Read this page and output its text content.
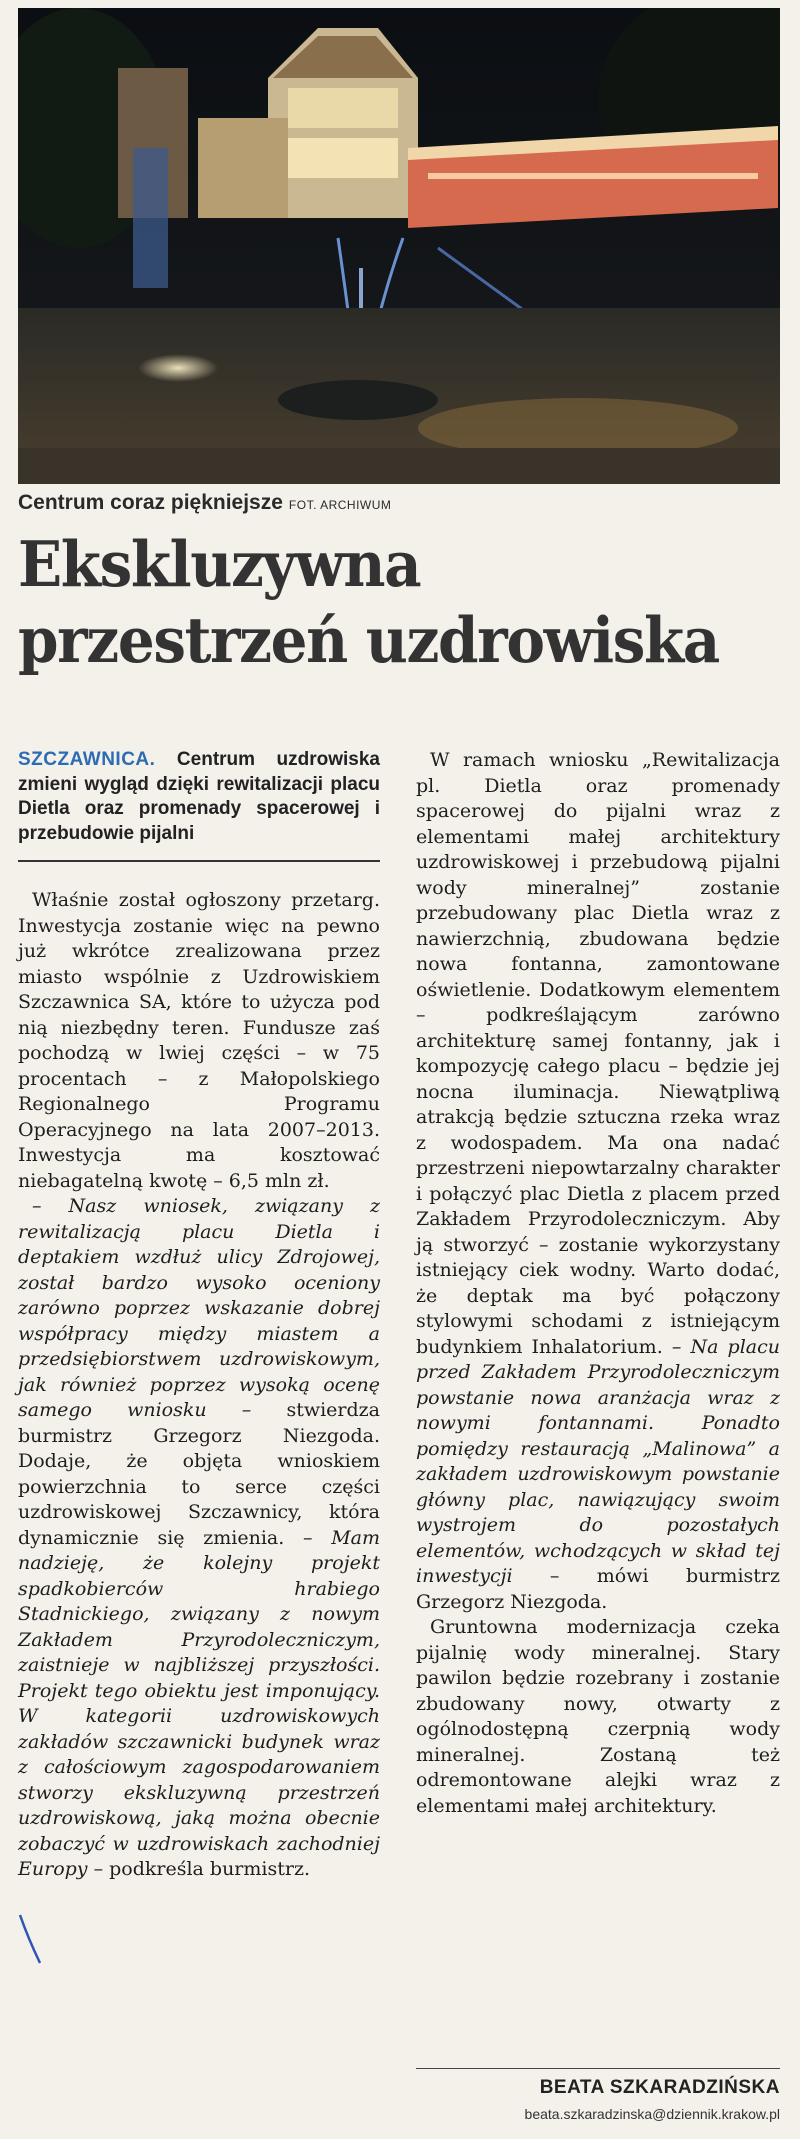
Centrum coraz piękniejsze FOT. ARCHIWUM
Ekskluzywna
przestrzeń uzdrowiska

SZCZAWNICA. Centrum uzdrowiska zmieni wygląd dzięki rewitalizacji placu Dietla oraz promenady spacerowej i przebudowie pijalni

Właśnie został ogłoszony przetarg. Inwestycja zostanie więc na pewno już wkrótce zrealizowana przez miasto wspólnie z Uzdrowiskiem Szczawnica SA, które to użycza pod nią niezbędny teren. Fundusze zaś pochodzą w lwiej części – w 75 procentach – z Małopolskiego Regionalnego Programu Operacyjnego na lata 2007–2013. Inwestycja ma kosztować niebagatelną kwotę – 6,5 mln zł.

– Nasz wniosek, związany z rewitalizacją placu Dietla i deptakiem wzdłuż ulicy Zdrojowej, został bardzo wysoko oceniony zarówno poprzez wskazanie dobrej współpracy między miastem a przedsiębiorstwem uzdrowiskowym, jak również poprzez wysoką ocenę samego wniosku – stwierdza burmistrz Grzegorz Niezgoda. Dodaje, że objęta wnioskiem powierzchnia to serce części uzdrowiskowej Szczawnicy, która dynamicznie się zmienia. – Mam nadzieję, że kolejny projekt spadkobierców hrabiego Stadnickiego, związany z nowym Zakładem Przyrodoleczniczym, zaistnieje w najbliższej przyszłości. Projekt tego obiektu jest imponujący. W kategorii uzdrowiskowych zakładów szczawnicki budynek wraz z całościowym zagospodarowaniem stworzy ekskluzywną przestrzeń uzdrowiskową, jaką można obecnie zobaczyć w uzdrowiskach zachodniej Europy – podkreśla burmistrz.

W ramach wniosku „Rewitalizacja pl. Dietla oraz promenady spacerowej do pijalni wraz z elementami małej architektury uzdrowiskowej i przebudową pijalni wody mineralnej” zostanie przebudowany plac Dietla wraz z nawierzchnią, zbudowana będzie nowa fontanna, zamontowane oświetlenie. Dodatkowym elementem – podkreślającym zarówno architekturę samej fontanny, jak i kompozycję całego placu – będzie jej nocna iluminacja. Niewątpliwą atrakcją będzie sztuczna rzeka wraz z wodospadem. Ma ona nadać przestrzeni niepowtarzalny charakter i połączyć plac Dietla z placem przed Zakładem Przyrodoleczniczym. Aby ją stworzyć – zostanie wykorzystany istniejący ciek wodny. Warto dodać, że deptak ma być połączony stylowymi schodami z istniejącym budynkiem Inhalatorium. – Na placu przed Zakładem Przyrodoleczniczym powstanie nowa aranżacja wraz z nowymi fontannami. Ponadto pomiędzy restauracją „Malinowa” a zakładem uzdrowiskowym powstanie główny plac, nawiązujący swoim wystrojem do pozostałych elementów, wchodzących w skład tej inwestycji – mówi burmistrz Grzegorz Niezgoda.

Gruntowna modernizacja czeka pijalnię wody mineralnej. Stary pawilon będzie rozebrany i zostanie zbudowany nowy, otwarty z ogólnodostępną czerpnią wody mineralnej. Zostaną też odremontowane alejki wraz z elementami małej architektury.

BEATA SZKARADZIŃSKA
beata.szkaradzinska@dziennik.krakow.pl
